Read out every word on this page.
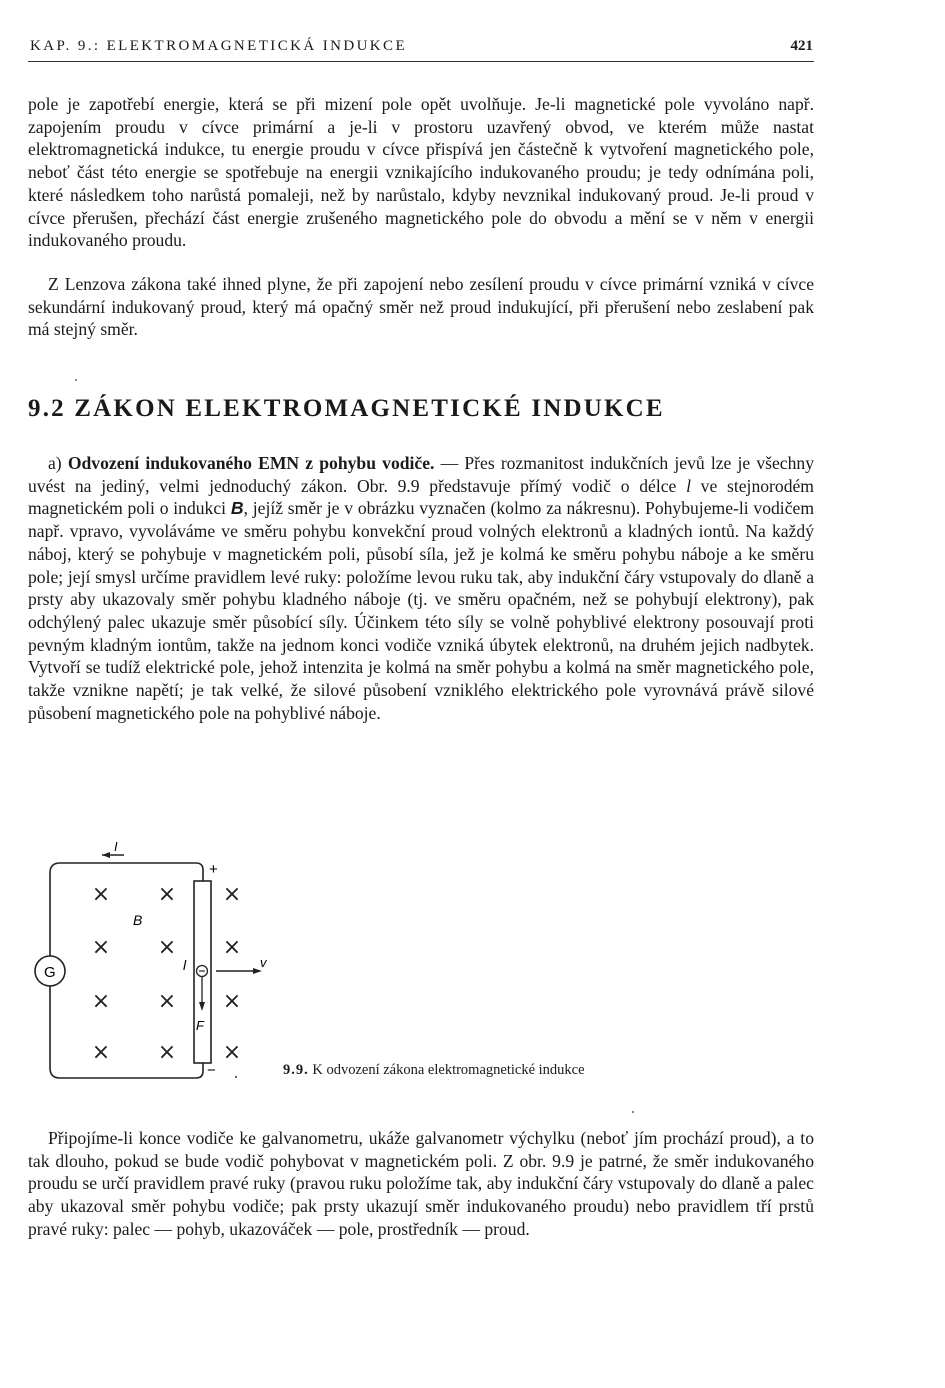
KAP. 9.: ELEKTROMAGNETICKÁ INDUKCE	421

pole je zapotřebí energie, která se při mizení pole opět uvolňuje. Je-li magnetické pole vyvoláno např. zapojením proudu v cívce primární a je-li v prostoru uzavřený obvod, ve kterém může nastat elektromagnetická indukce, tu energie proudu v cívce přispívá jen částečně k vytvoření magnetického pole, neboť část této energie se spotřebuje na energii vznikajícího indukovaného proudu; je tedy odnímána poli, které následkem toho narůstá pomaleji, než by narůstalo, kdyby nevznikal indukovaný proud. Je-li proud v cívce přerušen, přechází část energie zrušeného magnetického pole do obvodu a mění se v něm v energii indukovaného proudu.

Z Lenzova zákona také ihned plyne, že při zapojení nebo zesílení proudu v cívce primární vzniká v cívce sekundární indukovaný proud, který má opačný směr než proud indukující, při přerušení nebo zeslabení pak má stejný směr.

9.2 ZÁKON ELEKTROMAGNETICKÉ INDUKCE

a) Odvození indukovaného EMN z pohybu vodiče. — Přes rozmanitost indukčních jevů lze je všechny uvést na jediný, velmi jednoduchý zákon. Obr. 9.9 představuje přímý vodič o délce l ve stejnorodém magnetickém poli o indukci B, jejíž směr je v obrázku vyznačen (kolmo za nákresnu). Pohybujeme-li vodičem např. vpravo, vyvoláváme ve směru pohybu konvekční proud volných elektronů a kladných iontů. Na každý náboj, který se pohybuje v magnetickém poli, působí síla, jež je kolmá ke směru pohybu náboje a ke směru pole; její smysl určíme pravidlem levé ruky: položíme levou ruku tak, aby indukční čáry vstupovaly do dlaně a prsty aby ukazovaly směr pohybu kladného náboje (tj. ve směru opačném, než se pohybují elektrony), pak odchýlený palec ukazuje směr působící síly. Účinkem této síly se volně pohyblivé elektrony posouvají proti pevným kladným iontům, takže na jednom konci vodiče vzniká úbytek elektronů, na druhém jejich nadbytek. Vytvoří se tudíž elektrické pole, jehož intenzita je kolmá na směr pohybu a kolmá na směr magnetického pole, takže vznikne napětí; je tak velké, že silové působení vzniklého elektrického pole vyrovnává právě silové působení magnetického pole na pohyblivé náboje.

G
I
+
−
F
v
B
l
× × ×
× × ×
× × ×
× × ×
9.9. K odvození zákona elektromagnetické indukce

Připojíme-li konce vodiče ke galvanometru, ukáže galvanometr výchylku (neboť jím prochází proud), a to tak dlouho, pokud se bude vodič pohybovat v magnetickém poli. Z obr. 9.9 je patrné, že směr indukovaného proudu se určí pravidlem pravé ruky (pravou ruku položíme tak, aby indukční čáry vstupovaly do dlaně a palec aby ukazoval směr pohybu vodiče; pak prsty ukazují směr indukovaného proudu) nebo pravidlem tří prstů pravé ruky: palec — pohyb, ukazováček — pole, prostředník — proud.
